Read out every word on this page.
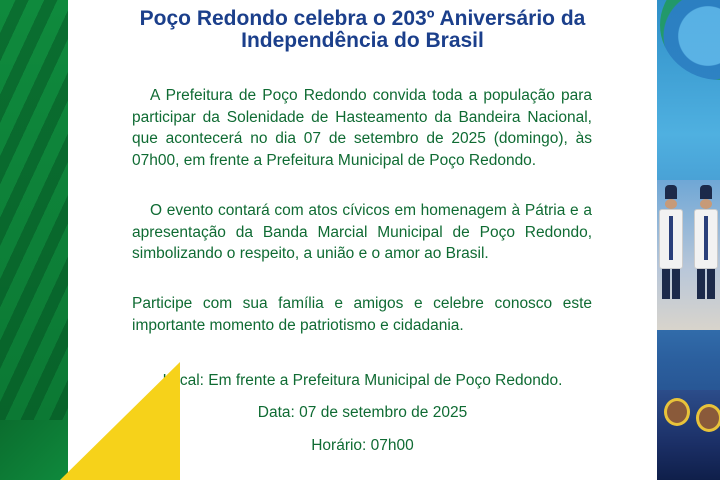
Poço Redondo celebra o 203º Aniversário da
Independência do Brasil
A Prefeitura de Poço Redondo convida toda a população para participar da Solenidade de Hasteamento da Bandeira Nacional, que acontecerá no dia 07 de setembro de 2025 (domingo), às 07h00, em frente a Prefeitura Municipal de Poço Redondo.
O evento contará com atos cívicos em homenagem à Pátria e a apresentação da Banda Marcial Municipal de Poço Redondo, simbolizando o respeito, a união e o amor ao Brasil.
Participe com sua família e amigos e celebre conosco este importante momento de patriotismo e cidadania.
Local: Em frente a Prefeitura Municipal de Poço Redondo.
Data: 07 de setembro de 2025
Horário: 07h00
